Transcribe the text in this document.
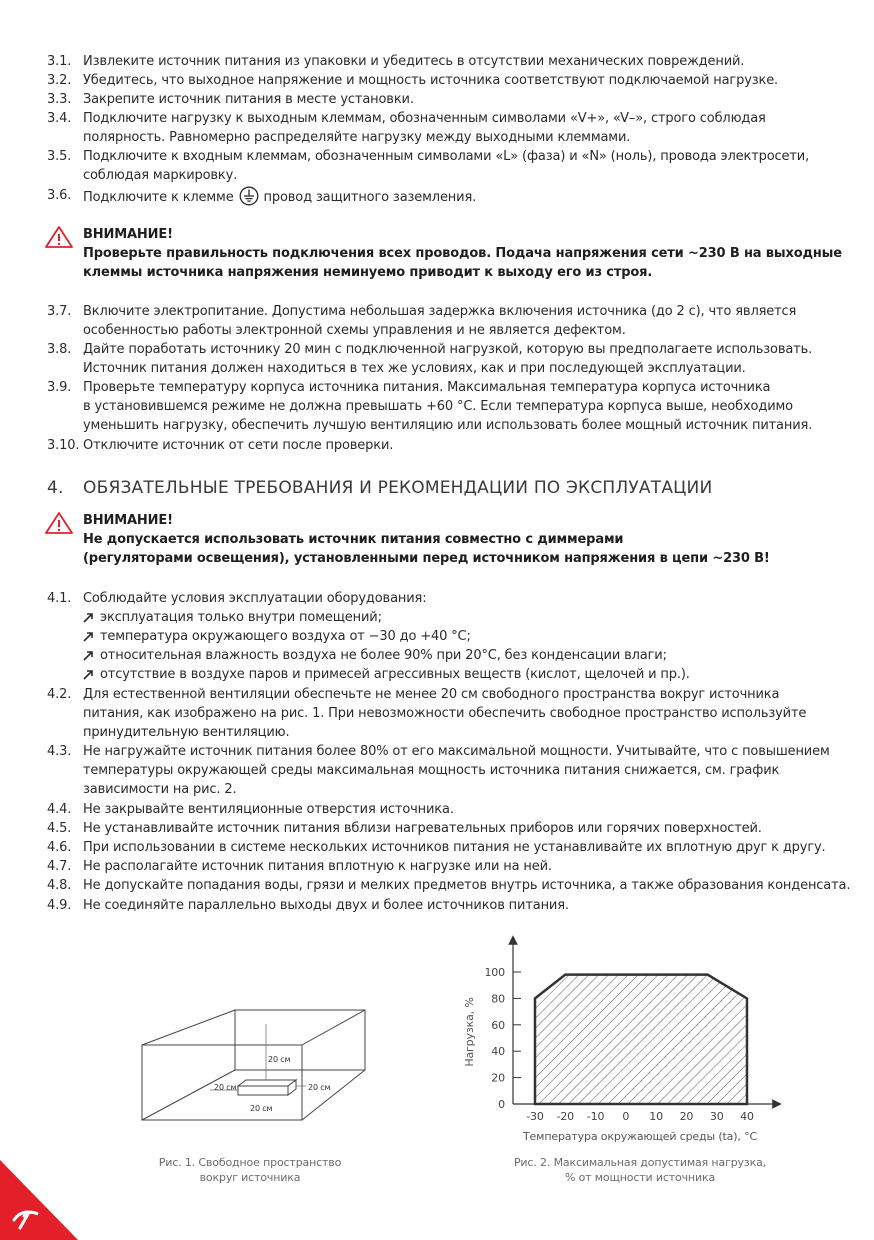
3.1. Извлеките источник питания из упаковки и убедитесь в отсутствии механических повреждений.
3.2. Убедитесь, что выходное напряжение и мощность источника соответствуют подключаемой нагрузке.
3.3. Закрепите источник питания в месте установки.
3.4. Подключите нагрузку к выходным клеммам, обозначенным символами «V+», «V–», строго соблюдая
полярность. Равномерно распределяйте нагрузку между выходными клеммами.
3.5. Подключите к входным клеммам, обозначенным символами «L» (фаза) и «N» (ноль), провода электросети,
соблюдая маркировку.
3.6. Подключите к клемме провод защитного заземления.
ВНИМАНИЕ!
Проверьте правильность подключения всех проводов. Подача напряжения сети ~230 В на выходные
клеммы источника напряжения неминуемо приводит к выходу его из строя.
3.7. Включите электропитание. Допустима небольшая задержка включения источника (до 2 с), что является
особенностью работы электронной схемы управления и не является дефектом.
3.8. Дайте поработать источнику 20 мин с подключенной нагрузкой, которую вы предполагаете использовать.
Источник питания должен находиться в тех же условиях, как и при последующей эксплуатации.
3.9. Проверьте температуру корпуса источника питания. Максимальная температура корпуса источника
в установившемся режиме не должна превышать +60 °С. Если температура корпуса выше, необходимо
уменьшить нагрузку, обеспечить лучшую вентиляцию или использовать более мощный источник питания.
3.10. Отключите источник от сети после проверки.
4. ОБЯЗАТЕЛЬНЫЕ ТРЕБОВАНИЯ И РЕКОМЕНДАЦИИ ПО ЭКСПЛУАТАЦИИ
ВНИМАНИЕ!
Не допускается использовать источник питания совместно с диммерами
(регуляторами освещения), установленными перед источником напряжения в цепи ~230 В!
4.1. Соблюдайте условия эксплуатации оборудования:
эксплуатация только внутри помещений;
температура окружающего воздуха от −30 до +40 °С;
относительная влажность воздуха не более 90% при 20°С, без конденсации влаги;
отсутствие в воздухе паров и примесей агрессивных веществ (кислот, щелочей и пр.).
4.2. Для естественной вентиляции обеспечьте не менее 20 см свободного пространства вокруг источника
питания, как изображено на рис. 1. При невозможности обеспечить свободное пространство используйте
принудительную вентиляцию.
4.3. Не нагружайте источник питания более 80% от его максимальной мощности. Учитывайте, что с повышением
температуры окружающей среды максимальная мощность источника питания снижается, см. график
зависимости на рис. 2.
4.4. Не закрывайте вентиляционные отверстия источника.
4.5. Не устанавливайте источник питания вблизи нагревательных приборов или горячих поверхностей.
4.6. При использовании в системе нескольких источников питания не устанавливайте их вплотную друг к другу.
4.7. Не располагайте источник питания вплотную к нагрузке или на ней.
4.8. Не допускайте попадания воды, грязи и мелких предметов внутрь источника, а также образования конденсата.
4.9. Не соединяйте параллельно выходы двух и более источников питания.
20 см
20 см	20 см
20 см
Рис. 1. Свободное пространство
вокруг источника
0
20
40
60
80
100
-30 -20 -10 0 10 20 30 40
Нагрузка, %
Температура окружающей среды (ta), °С
Рис. 2. Максимальная допустимая нагрузка,
% от мощности источника
